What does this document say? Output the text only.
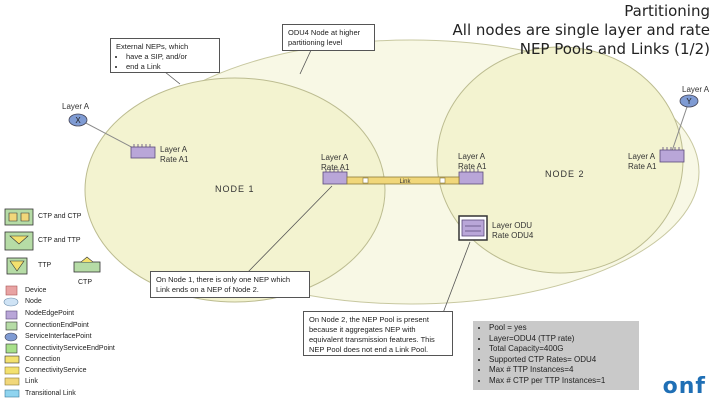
X
Y
Link
Partitioning
All nodes are single layer and rate
NEP Pools and Links (1/2)
External NEPs, which
• have a SIP, and/or
• end a Link
ODU4 Node at higher partitioning level
On Node 1, there is only one NEP which Link ends on a NEP of Node 2.
On Node 2, the NEP Pool is present because it aggregates NEP with equivalent transmission features. This NEP Pool does not end a Link Pool.
Layer A
Layer A
Layer A
Rate A1	Layer A
Rate A1
Layer A
Rate A1
Layer A
Rate A1
Layer ODU
Rate ODU4
NODE 1
NODE 2
CTP and CTP
CTP and TTP
TTP
CTP
Device
Node
NodeEdgePoint
ConnectionEndPoint
ServiceInterfacePoint
ConnectivityServiceEndPoint
Connection
ConnectivityService
Link
Transitional Link
• Pool = yes
• Layer=ODU4 (TTP rate)
• Total Capacity=400G
• Supported CTP Rates= ODU4
• Max # TTP Instances=4
• Max # CTP per TTP Instances=1	onf
